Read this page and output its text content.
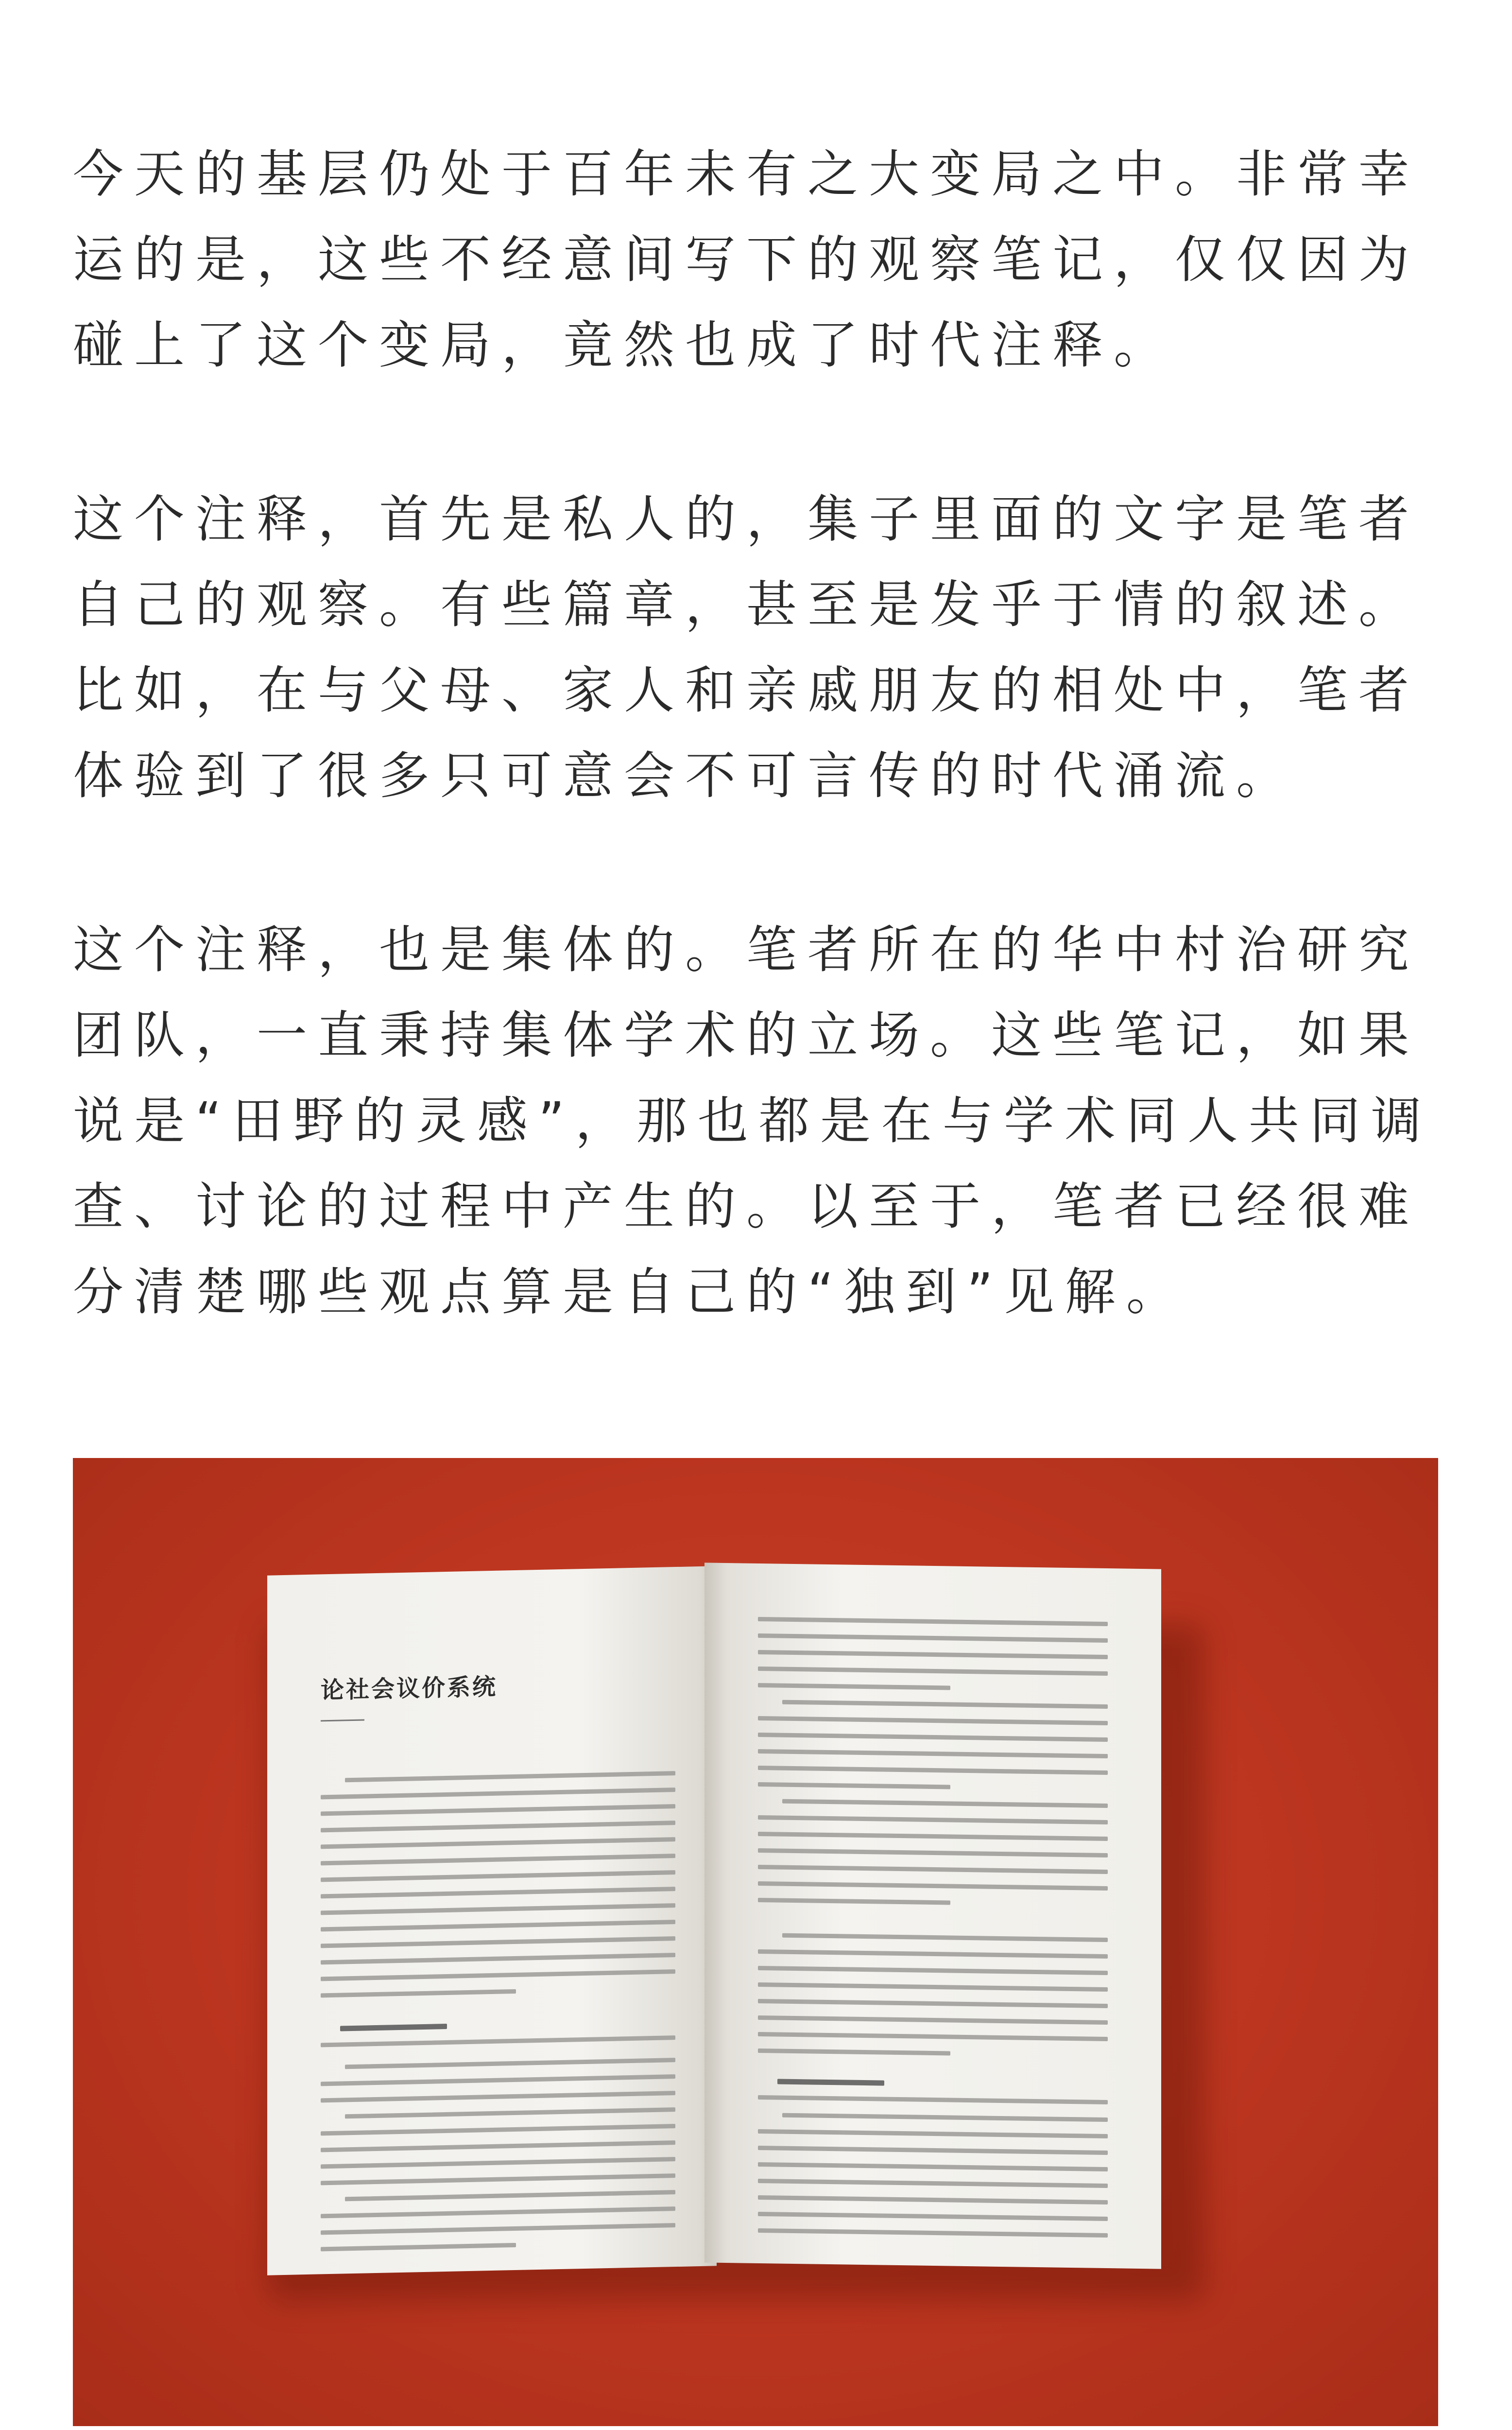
今天的基层仍处于百年未有之大变局之中。非常幸
运的是，这些不经意间写下的观察笔记，仅仅因为
碰上了这个变局，竟然也成了时代注释。
这个注释，首先是私人的，集子里面的文字是笔者
自己的观察。有些篇章，甚至是发乎于情的叙述。
比如，在与父母、家人和亲戚朋友的相处中，笔者
体验到了很多只可意会不可言传的时代涌流。
这个注释，也是集体的。笔者所在的华中村治研究
团队，一直秉持集体学术的立场。这些笔记，如果
说是“田野的灵感”，那也都是在与学术同人共同调
查、讨论的过程中产生的。以至于，笔者已经很难
分清楚哪些观点算是自己的“独到”见解。
论社会议价系统
